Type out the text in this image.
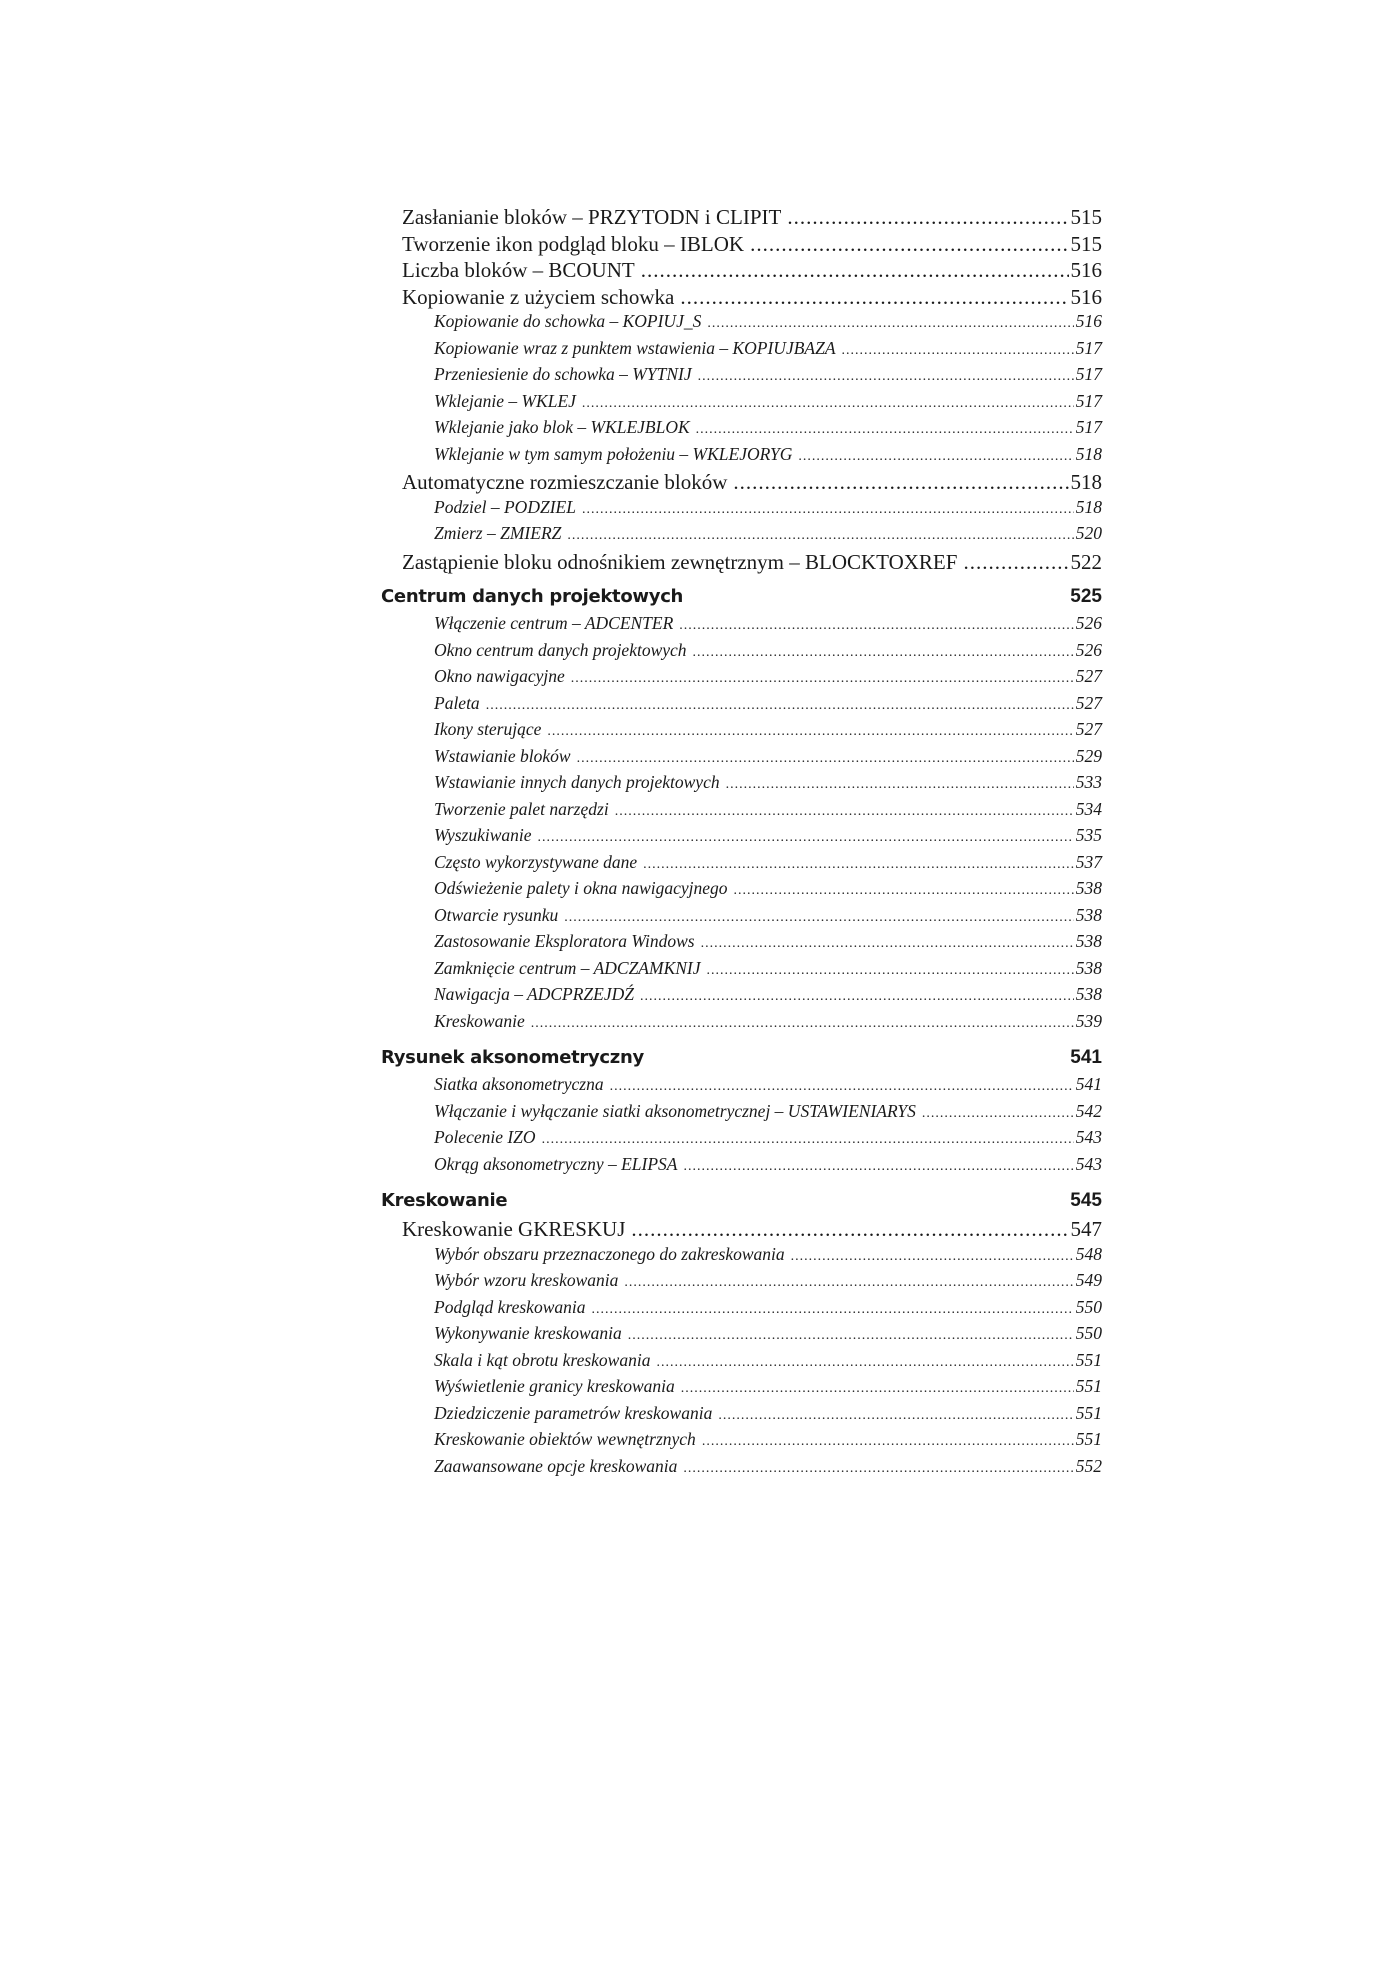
Zasłanianie bloków – PRZYTODN i CLIPIT .....	515
Tworzenie ikon podgląd bloku – IBLOK .....	515
Liczba bloków – BCOUNT .....	516
Kopiowanie z użyciem schowka .....	516
Kopiowanie do schowka – KOPIUJ_S .....	516
Kopiowanie wraz z punktem wstawienia – KOPIUJBAZA .....	517
Przeniesienie do schowka – WYTNIJ .....	517
Wklejanie – WKLEJ .....	517
Wklejanie jako blok – WKLEJBLOK .....	517
Wklejanie w tym samym położeniu – WKLEJORYG .....	518
Automatyczne rozmieszczanie bloków .....	518
Podziel – PODZIEL .....	518
Zmierz – ZMIERZ .....	520
Zastąpienie bloku odnośnikiem zewnętrznym – BLOCKTOXREF .....	522
Centrum danych projektowych	525
Włączenie centrum – ADCENTER .....	526
Okno centrum danych projektowych .....	526
Okno nawigacyjne .....	527
Paleta .....	527
Ikony sterujące .....	527
Wstawianie bloków .....	529
Wstawianie innych danych projektowych .....	533
Tworzenie palet narzędzi .....	534
Wyszukiwanie .....	535
Często wykorzystywane dane .....	537
Odświeżenie palety i okna nawigacyjnego .....	538
Otwarcie rysunku .....	538
Zastosowanie Eksploratora Windows .....	538
Zamknięcie centrum – ADCZAMKNIJ .....	538
Nawigacja – ADCPRZEJDŹ .....	538
Kreskowanie .....	539
Rysunek aksonometryczny	541
Siatka aksonometryczna .....	541
Włączanie i wyłączanie siatki aksonometrycznej – USTAWIENIARYS .....	542
Polecenie IZO .....	543
Okrąg aksonometryczny – ELIPSA .....	543
Kreskowanie	545
Kreskowanie GKRESKUJ .....	547
Wybór obszaru przeznaczonego do zakreskowania .....	548
Wybór wzoru kreskowania .....	549
Podgląd kreskowania .....	550
Wykonywanie kreskowania .....	550
Skala i kąt obrotu kreskowania .....	551
Wyświetlenie granicy kreskowania .....	551
Dziedziczenie parametrów kreskowania .....	551
Kreskowanie obiektów wewnętrznych .....	551
Zaawansowane opcje kreskowania .....	552
